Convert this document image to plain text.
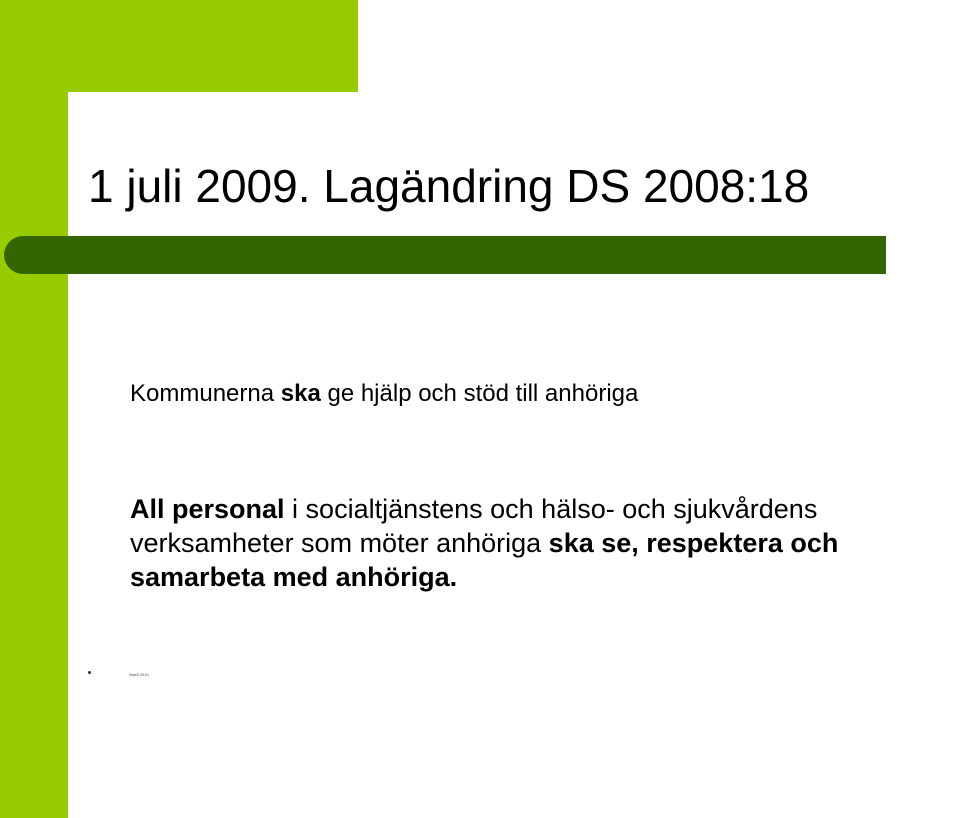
1 juli 2009. Lagändring DS 2008:18

Kommunerna ska ge hjälp och stöd till anhöriga

All personal i socialtjänstens och hälso- och sjukvårdens
verksamheter som möter anhöriga ska se, respektera och
samarbeta med anhöriga.

Sweli 2010
